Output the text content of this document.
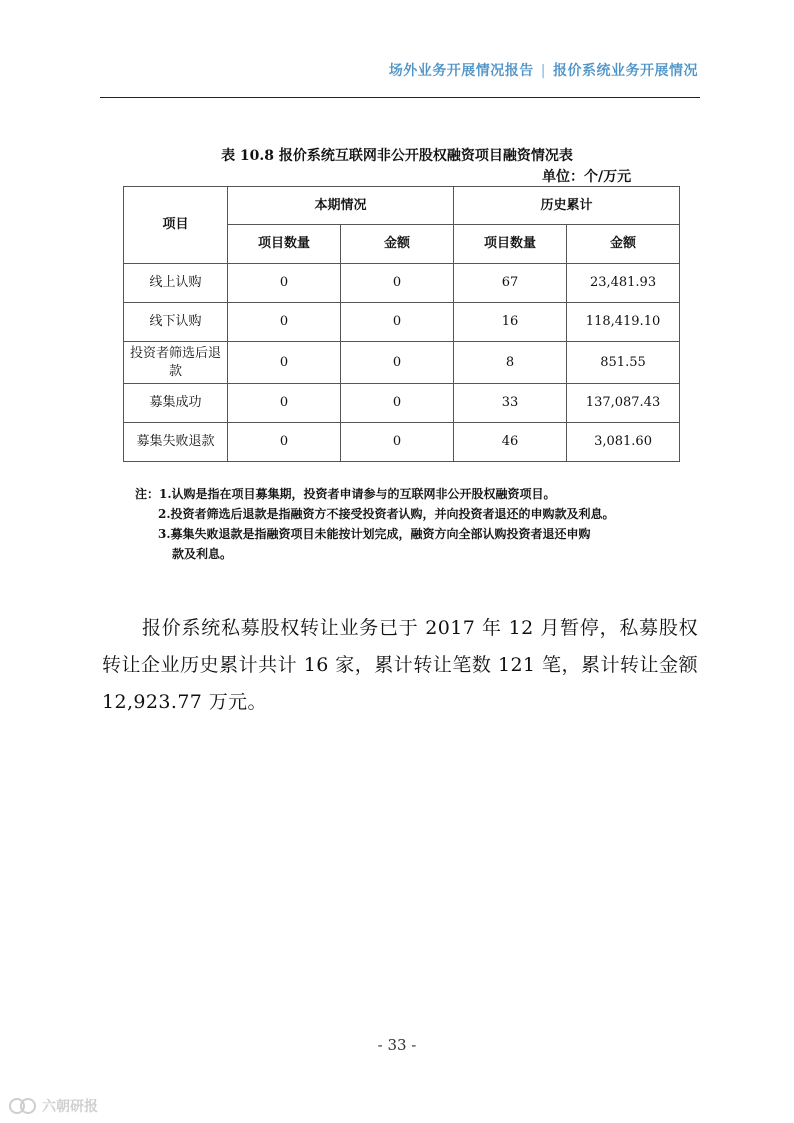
场外业务开展情况报告 | 报价系统业务开展情况
表 10.8 报价系统互联网非公开股权融资项目融资情况表
单位：个/万元
项目	本期情况		历史累计	
	项目数量	金额	项目数量	金额
线上认购	0	0	67	23,481.93
线下认购	0	0	16	118,419.10
投资者筛选后退款	0	0	8	851.55
募集成功	0	0	33	137,087.43
募集失败退款	0	0	46	3,081.60
注：1.认购是指在项目募集期，投资者申请参与的互联网非公开股权融资项目。
2.投资者筛选后退款是指融资方不接受投资者认购，并向投资者退还的申购款及利息。
3.募集失败退款是指融资项目未能按计划完成，融资方向全部认购投资者退还申购
款及利息。

报价系统私募股权转让业务已于 2017 年 12 月暂停，私募股权转让企业历史累计共计 16 家，累计转让笔数 121 笔，累计转让金额 12,923.77 万元。

- 33 -
六朝研报
